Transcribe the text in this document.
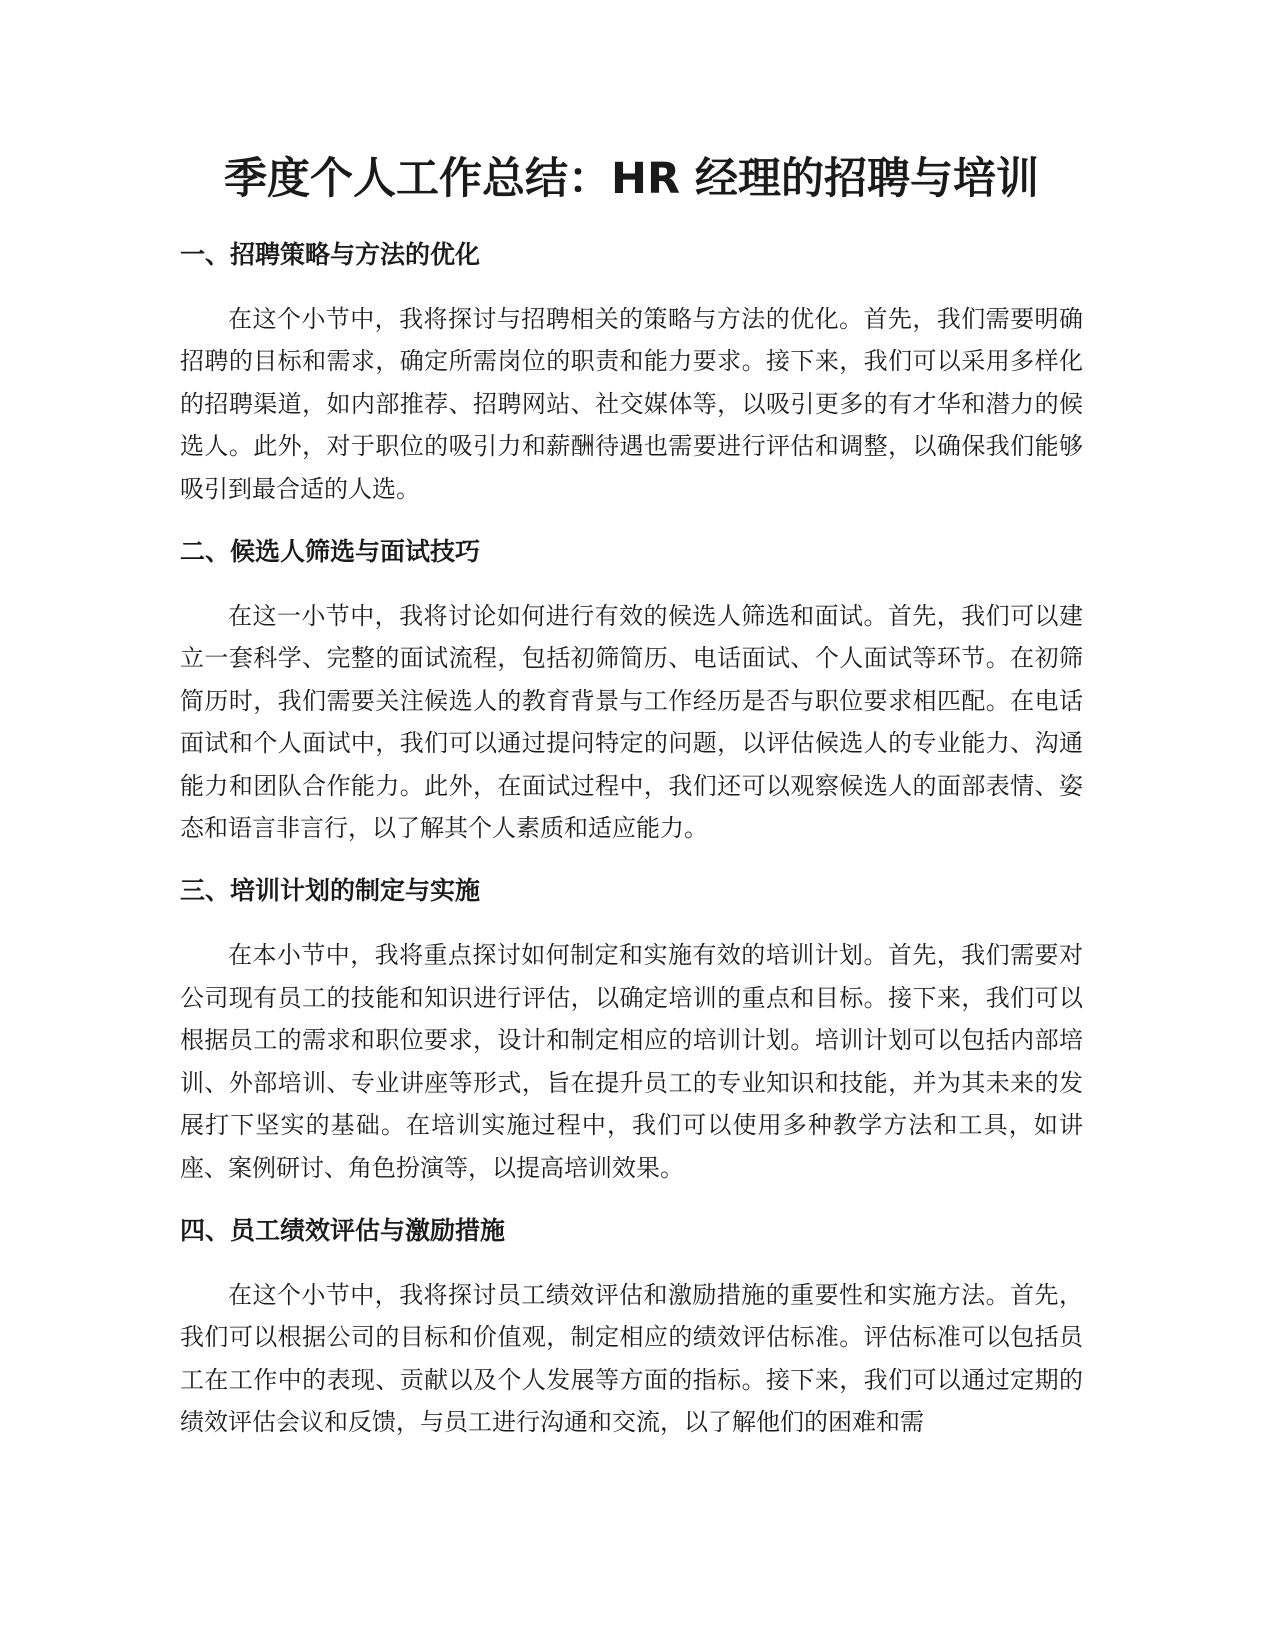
季度个人工作总结：HR 经理的招聘与培训
一、招聘策略与方法的优化

在这个小节中，我将探讨与招聘相关的策略与方法的优化。首先，我们需要明确招聘的目标和需求，确定所需岗位的职责和能力要求。接下来，我们可以采用多样化的招聘渠道，如内部推荐、招聘网站、社交媒体等，以吸引更多的有才华和潜力的候选人。此外，对于职位的吸引力和薪酬待遇也需要进行评估和调整，以确保我们能够吸引到最合适的人选。

二、候选人筛选与面试技巧

在这一小节中，我将讨论如何进行有效的候选人筛选和面试。首先，我们可以建立一套科学、完整的面试流程，包括初筛简历、电话面试、个人面试等环节。在初筛简历时，我们需要关注候选人的教育背景与工作经历是否与职位要求相匹配。在电话面试和个人面试中，我们可以通过提问特定的问题，以评估候选人的专业能力、沟通能力和团队合作能力。此外，在面试过程中，我们还可以观察候选人的面部表情、姿态和语言非言行，以了解其个人素质和适应能力。

三、培训计划的制定与实施

在本小节中，我将重点探讨如何制定和实施有效的培训计划。首先，我们需要对公司现有员工的技能和知识进行评估，以确定培训的重点和目标。接下来，我们可以根据员工的需求和职位要求，设计和制定相应的培训计划。培训计划可以包括内部培训、外部培训、专业讲座等形式，旨在提升员工的专业知识和技能，并为其未来的发展打下坚实的基础。在培训实施过程中，我们可以使用多种教学方法和工具，如讲座、案例研讨、角色扮演等，以提高培训效果。

四、员工绩效评估与激励措施

在这个小节中，我将探讨员工绩效评估和激励措施的重要性和实施方法。首先，我们可以根据公司的目标和价值观，制定相应的绩效评估标准。评估标准可以包括员工在工作中的表现、贡献以及个人发展等方面的指标。接下来，我们可以通过定期的绩效评估会议和反馈，与员工进行沟通和交流，以了解他们的困难和需
